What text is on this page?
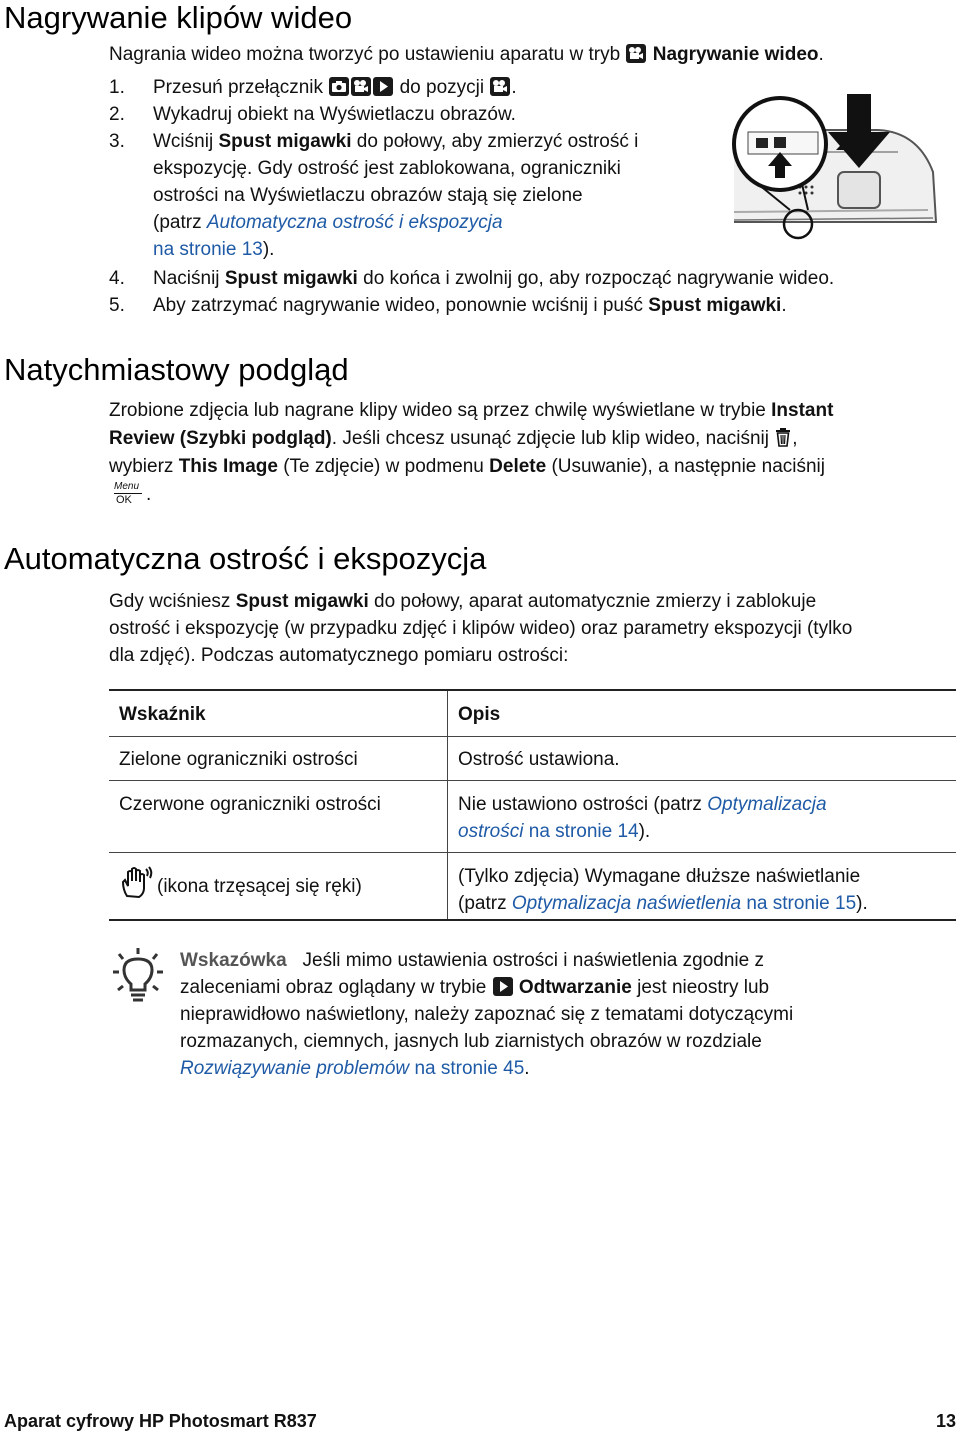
Nagrywanie klipów wideo
Nagrania wideo można tworzyć po ustawieniu aparatu w tryb Nagrywanie wideo.
1. Przesuń przełącznik	do pozycji .
2. Wykadruj obiekt na Wyświetlaczu obrazów.
3. Wciśnij Spust migawki do połowy, aby zmierzyć ostrość i
ekspozycję. Gdy ostrość jest zablokowana, ograniczniki
ostrości na Wyświetlaczu obrazów stają się zielone
(patrz Automatyczna ostrość i ekspozycja
na stronie 13).
4. Naciśnij Spust migawki do końca i zwolnij go, aby rozpocząć nagrywanie wideo.
5. Aby zatrzymać nagrywanie wideo, ponownie wciśnij i puść Spust migawki.
Natychmiastowy podgląd
Zrobione zdjęcia lub nagrane klipy wideo są przez chwilę wyświetlane w trybie Instant
Review (Szybki podgląd). Jeśli chcesz usunąć zdjęcie lub klip wideo, naciśnij ,
wybierz This Image (Te zdjęcie) w podmenu Delete (Usuwanie), a następnie naciśnij
Menu
OK .
Automatyczna ostrość i ekspozycja
Gdy wciśniesz Spust migawki do połowy, aparat automatycznie zmierzy i zablokuje
ostrość i ekspozycję (w przypadku zdjęć i klipów wideo) oraz parametry ekspozycji (tylko
dla zdjęć). Podczas automatycznego pomiaru ostrości:
Wskaźnik	Opis
Zielone ograniczniki ostrości	Ostrość ustawiona.
Czerwone ograniczniki ostrości	Nie ustawiono ostrości (patrz Optymalizacja
ostrości na stronie 14).
(ikona trzęsącej się ręki)	(Tylko zdjęcia) Wymagane dłuższe naświetlanie
(patrz Optymalizacja naświetlenia na stronie 15).
Wskazówka Jeśli mimo ustawienia ostrości i naświetlenia zgodnie z
zaleceniami obraz oglądany w trybie Odtwarzanie jest nieostry lub
nieprawidłowo naświetlony, należy zapoznać się z tematami dotyczącymi
rozmazanych, ciemnych, jasnych lub ziarnistych obrazów w rozdziale
Rozwiązywanie problemów na stronie 45.
Aparat cyfrowy HP Photosmart R837	13
